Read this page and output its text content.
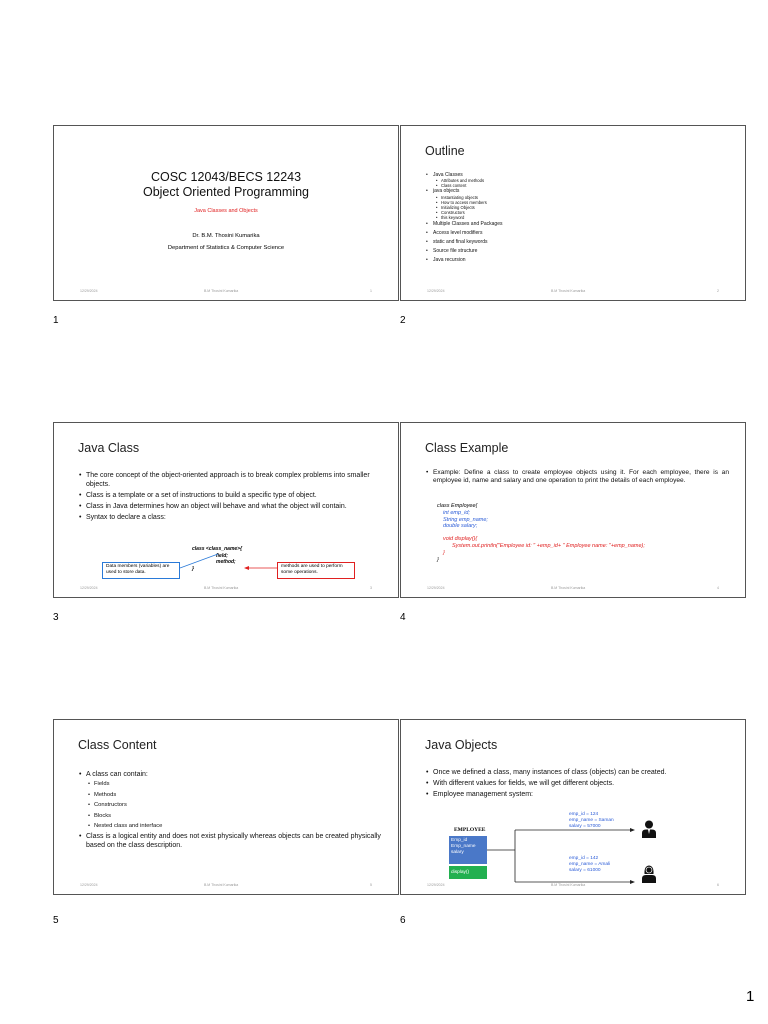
COSC 12043/BECS 12243
Object Oriented Programming
Java Classes and Objects
Dr. B.M. Thosini Kumarika
Department of Statistics & Computer Science
12/29/2024	B.M Thosini Kumarika	1
1
Outline
• Java Classes
• Attributes and methods
• Class content
• java objects
• Instantiating objects
• How to access members
• Initializing Objects
• Constructors
• this keyword
• Multiple Classes and Packages
• Access level modifiers
• static and final keywords
• Source file structure
• Java recursion
12/29/2024	B.M Thosini Kumarika	2
2
Java Class
• The core concept of the object-oriented approach is to break complex problems into smaller objects.
• Class is a template or a set of instructions to build a specific type of object.
• Class in Java determines how an object will behave and what the object will contain.
• Syntax to declare a class:
class <class_name>{
field;
method;
}
Data members (variables) are used to store data.
methods are used to perform some operations.
12/29/2024	B.M Thosini Kumarika	3
3
Class Example
• Example: Define a class to create employee objects using it. For each employee, there is an employee id, name and salary and one operation to print the details of each employee.
class Employee{
int emp_id;
String emp_name;
double salary;
void display(){
System.out.println("Employee id: " +emp_id+ " Employee name: "+emp_name);
}
}
12/29/2024	B.M Thosini Kumarika	4
4
Class Content
• A class can contain:
• Fields
• Methods
• Constructors
• Blocks
• Nested class and interface
• Class is a logical entity and does not exist physically whereas objects can be created physically based on the class description.
12/29/2024	B.M Thosini Kumarika	5
5
Java Objects
• Once we defined a class, many instances of class (objects) can be created.
• With different values for fields, we will get different objects.
• Employee management system:
EMPLOYEE
Emp_id
Emp_name
salary
display()
emp_id = 124
emp_name = Saman
salary = 57000
emp_id = 142
emp_name = Amali
salary = 61000
12/29/2024	B.M Thosini Kumarika	6
6
1
